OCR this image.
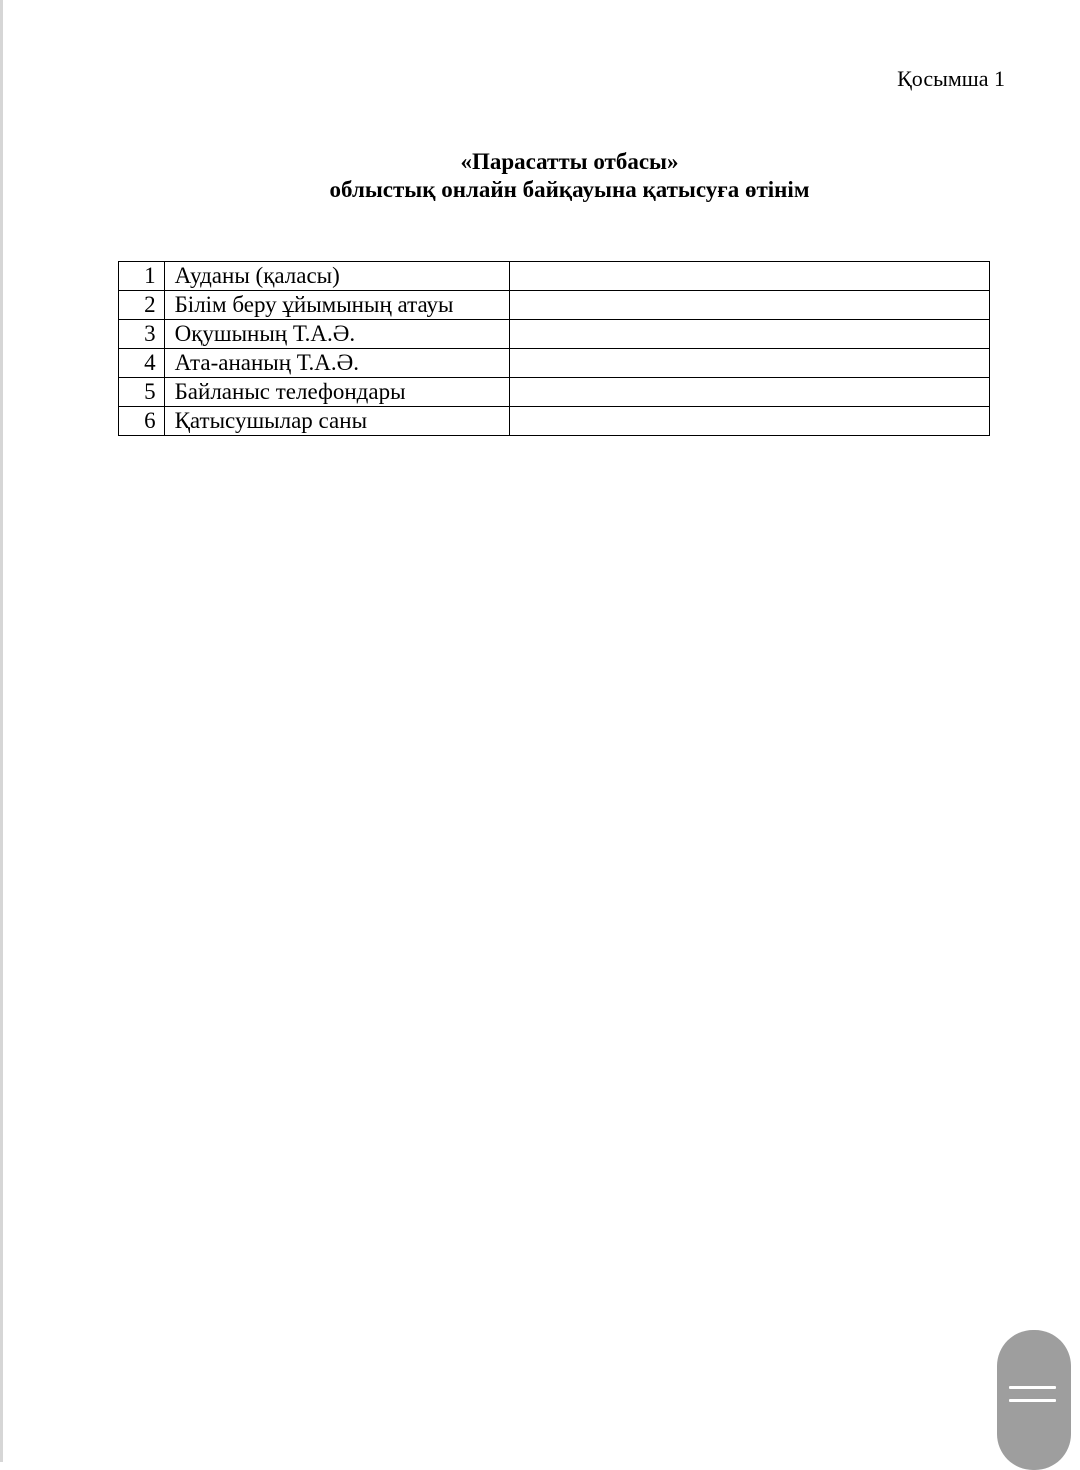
Қосымша 1
«Парасатты отбасы»
облыстық онлайн байқауына қатысуға өтінім
1	Ауданы (қаласы)	
2	Білім беру ұйымының атауы	
3	Оқушының Т.А.Ә.	
4	Ата-ананың Т.А.Ә.	
5	Байланыс телефондары	
6	Қатысушылар саны	
